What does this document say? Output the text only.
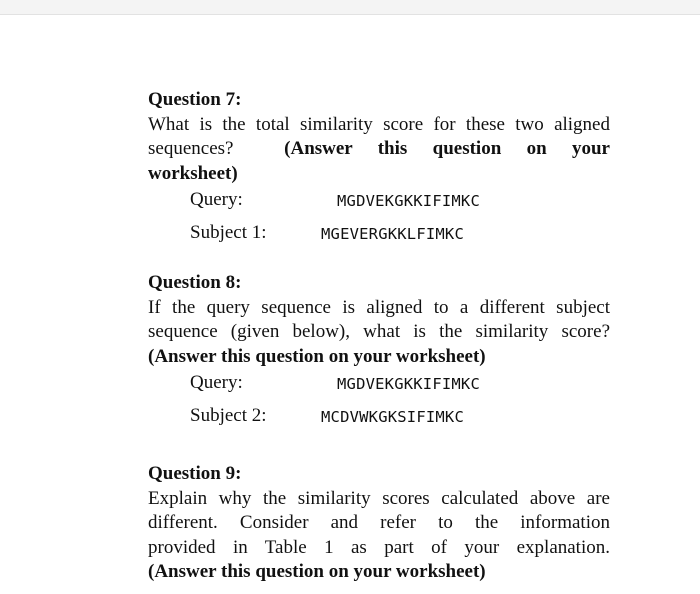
Question 7:
What is the total similarity score for these two aligned
sequences?	(Answer this question on your
worksheet)
Query:	MGDVEKGKKIFIMKC
Subject 1:	MGEVERGKKLFIMKC
Question 8:
If the query sequence is aligned to a different subject
sequence (given below), what is the similarity score?
(Answer this question on your worksheet)
Query:	MGDVEKGKKIFIMKC
Subject 2:	MCDVWKGKSIFIMKC
Question 9:
Explain why the similarity scores calculated above are
different. Consider and refer to the information
provided in Table 1 as part of your explanation.
(Answer this question on your worksheet)
